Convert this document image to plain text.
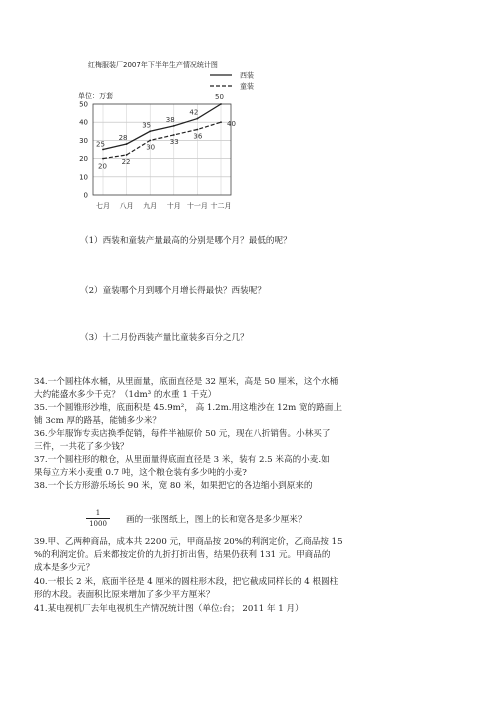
红梅服装厂2007年下半年生产情况统计图
单位：万套
0
10
20
30
40
50
七月 八月 九月 十月 十一月 十二月
25
28
35
38
42
50
20
22
30
33
36
40
西装
童装
（1）西装和童装产量最高的分别是哪个月？最低的呢？
（2）童装哪个月到哪个月增长得最快？西装呢？
（3）十二月份西装产量比童装多百分之几？
34.一个圆柱体水桶，从里面量，底面直径是 32 厘米，高是 50 厘米，这个水桶
大约能盛水多少千克？（1dm³ 的水重 1 千克）
35.一个圆锥形沙堆，底面积是 45.9m²， 高 1.2m.用这堆沙在 12m 宽的路面上
铺 3cm 厚的路基，能铺多少米？
36.少年服饰专卖店换季促销，每件半袖原价 50 元，现在八折销售。小林买了
三件，一共花了多少钱？
37.一个圆柱形的粮仓，从里面量得底面直径是 3 米，装有 2.5 米高的小麦.如
果每立方米小麦重 0.7 吨，这个粮仓装有多少吨的小麦?
38.一个长方形游乐场长 90 米，宽 80 米，如果把它的各边缩小到原来的
$\frac{1}{1000}$ 画的一张图纸上，图上的长和宽各是多少厘米？
39.甲、乙两种商品，成本共 2200 元，甲商品按 20%的利润定价，乙商品按 15
%的利润定价。后来都按定价的九折打折出售，结果仍获利 131 元。甲商品的
成本是多少元？
40.一根长 2 米，底面半径是 4 厘米的圆柱形木段，把它截成同样长的 4 根圆柱
形的木段。表面积比原来增加了多少平方厘米？
41.某电视机厂去年电视机生产情况统计图（单位:台； 2011 年 1 月）
